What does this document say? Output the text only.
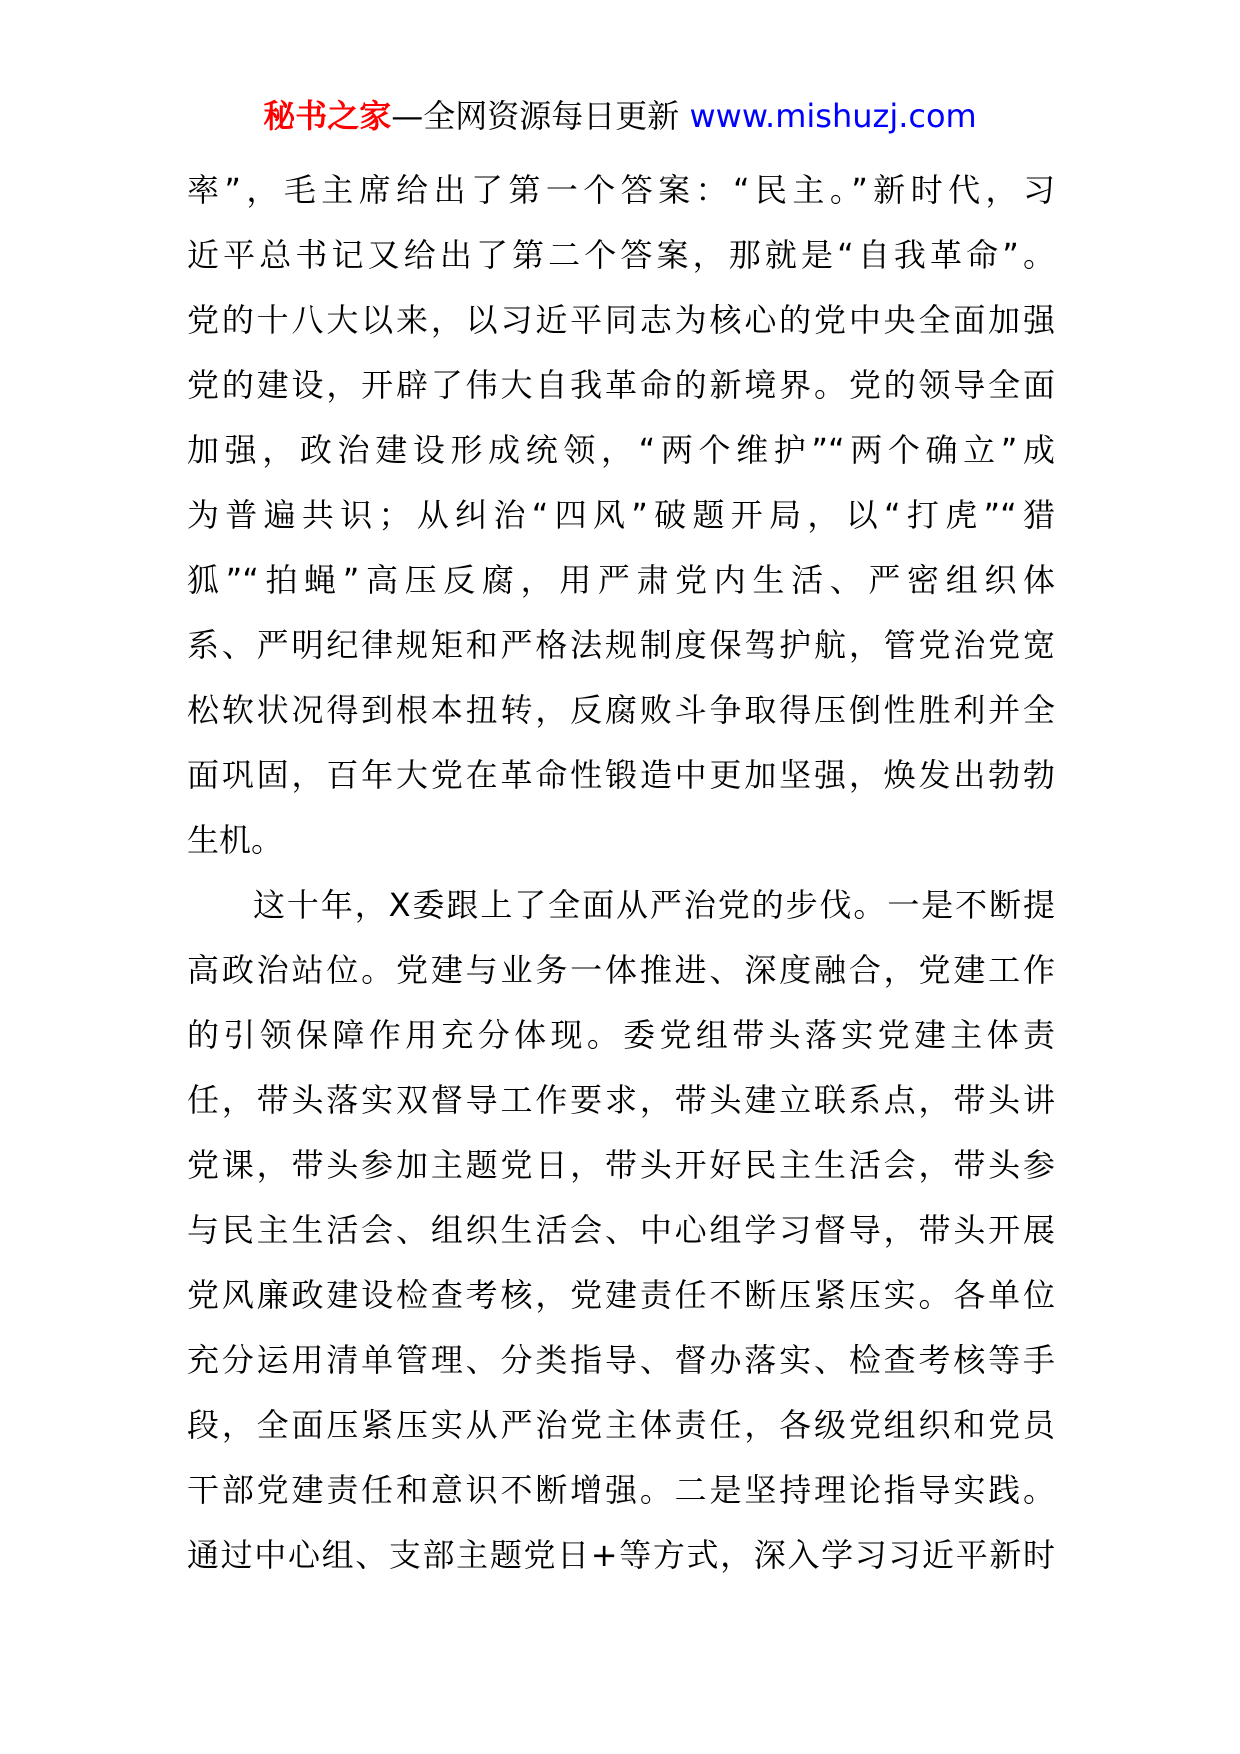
秘书之家—全网资源每日更新 www.mishuzj.com
率”，毛主席给出了第一个答案：“民主。”新时代，习
近平总书记又给出了第二个答案，那就是“自我革命”。
党的十八大以来，以习近平同志为核心的党中央全面加强
党的建设，开辟了伟大自我革命的新境界。党的领导全面
加强，政治建设形成统领，“两个维护”“两个确立”成
为普遍共识；从纠治“四风”破题开局，以“打虎”“猎
狐”“拍蝇”高压反腐，用严肃党内生活、严密组织体
系、严明纪律规矩和严格法规制度保驾护航，管党治党宽
松软状况得到根本扭转，反腐败斗争取得压倒性胜利并全
面巩固，百年大党在革命性锻造中更加坚强，焕发出勃勃
生机。
这十年，X委跟上了全面从严治党的步伐。一是不断提
高政治站位。党建与业务一体推进、深度融合，党建工作
的引领保障作用充分体现。委党组带头落实党建主体责
任，带头落实双督导工作要求，带头建立联系点，带头讲
党课，带头参加主题党日，带头开好民主生活会，带头参
与民主生活会、组织生活会、中心组学习督导，带头开展
党风廉政建设检查考核，党建责任不断压紧压实。各单位
充分运用清单管理、分类指导、督办落实、检查考核等手
段，全面压紧压实从严治党主体责任，各级党组织和党员
干部党建责任和意识不断增强。二是坚持理论指导实践。
通过中心组、支部主题党日+等方式，深入学习习近平新时
